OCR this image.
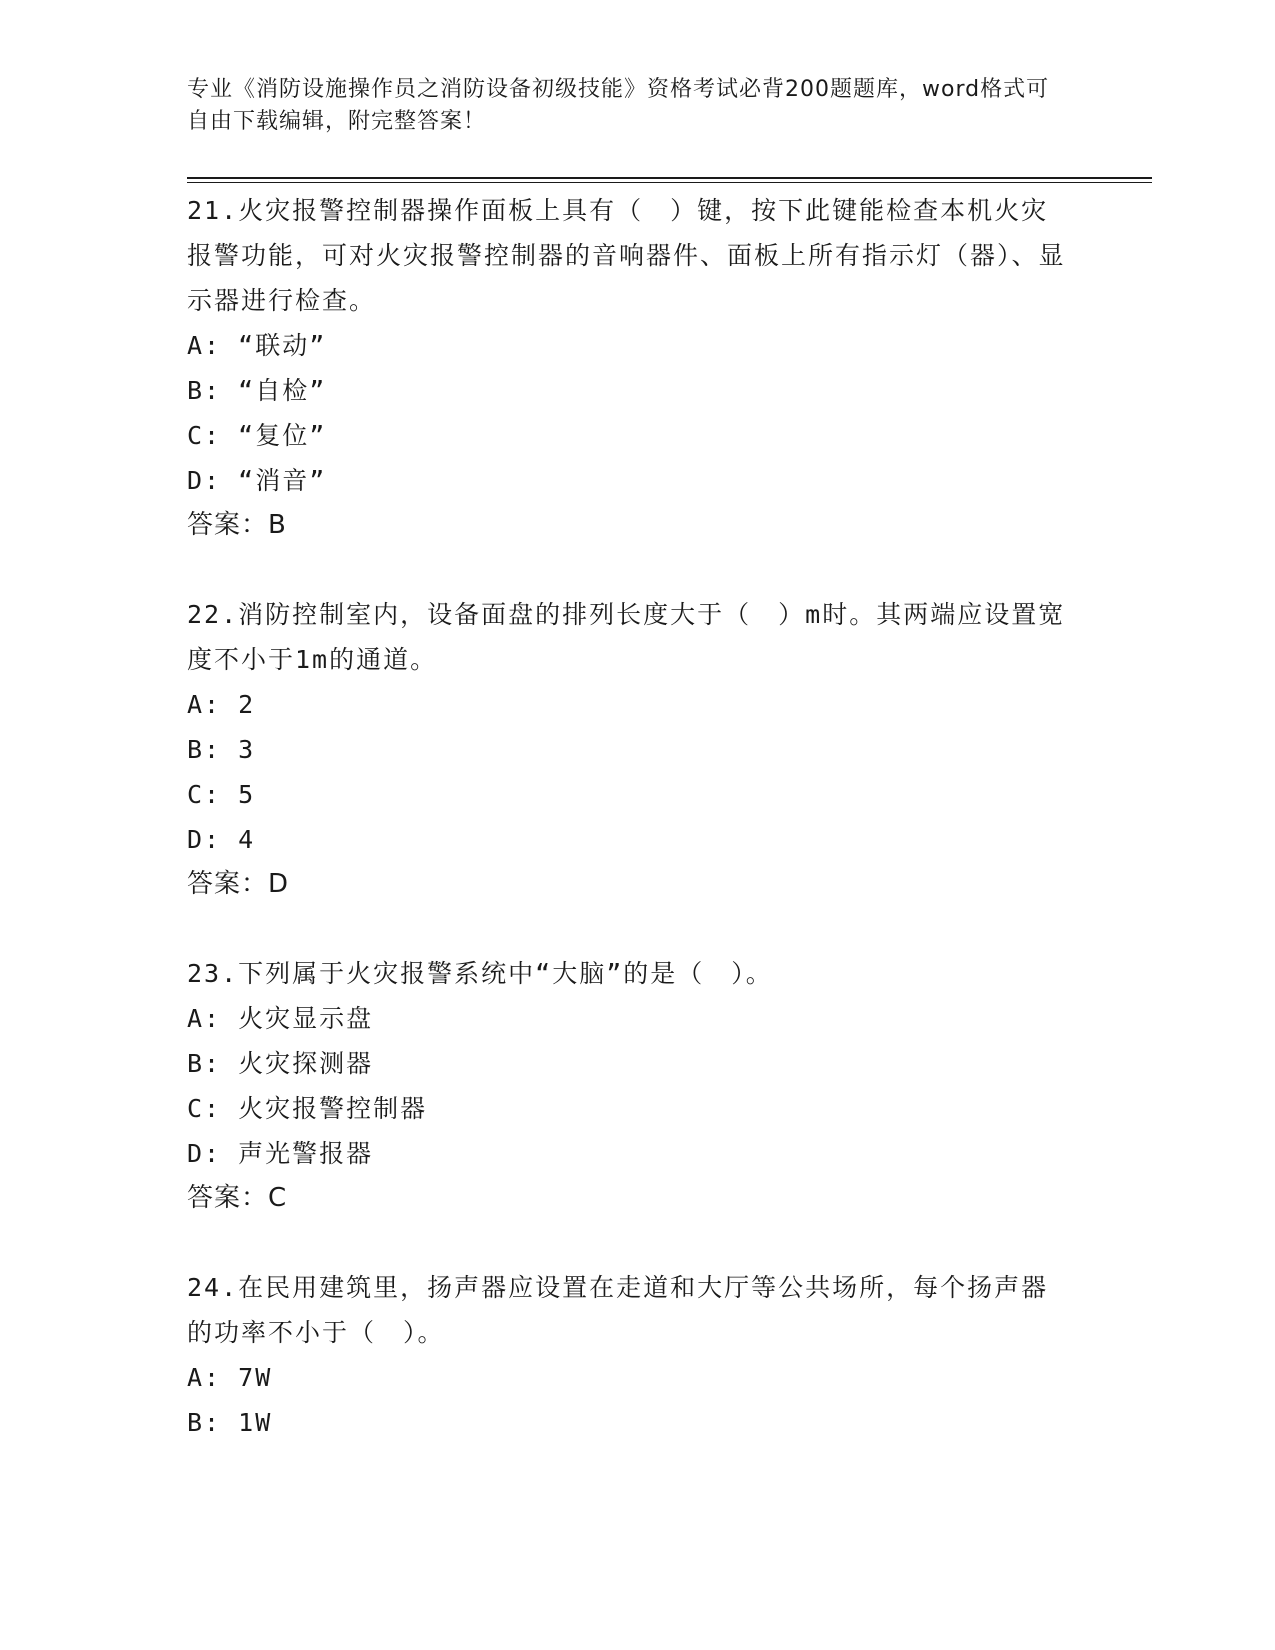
专业《消防设施操作员之消防设备初级技能》资格考试必背200题题库，word格式可自由下载编辑，附完整答案！

21.火灾报警控制器操作面板上具有（　）键，按下此键能检查本机火灾报警功能，可对火灾报警控制器的音响器件、面板上所有指示灯（器）、显示器进行检查。

A: “联动”
B: “自检”
C: “复位”
D: “消音”
答案：B

22.消防控制室内，设备面盘的排列长度大于（　）m时。其两端应设置宽度不小于1m的通道。

A: 2
B: 3
C: 5
D: 4
答案：D

23.下列属于火灾报警系统中“大脑”的是（　）。

A: 火灾显示盘
B: 火灾探测器
C: 火灾报警控制器
D: 声光警报器
答案：C

24.在民用建筑里，扬声器应设置在走道和大厅等公共场所，每个扬声器的功率不小于（　）。

A: 7W
B: 1W
